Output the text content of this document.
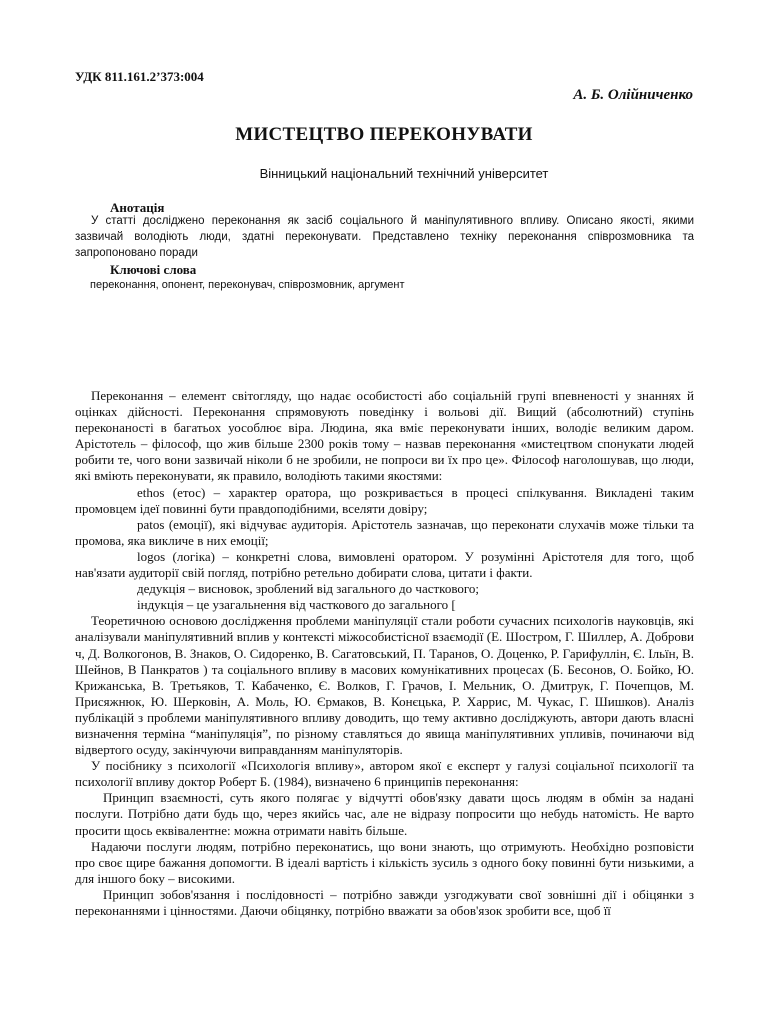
УДК 811.161.2’373:004
А. Б. Олійниченко
МИСТЕЦТВО ПЕРЕКОНУВАТИ
Вінницький національний технічний університет
Анотація

У статті досліджено переконання як засіб соціального й маніпулятивного впливу. Описано якості, якими зазвичай володіють люди, здатні переконувати. Представлено техніку переконання співрозмовника та запропоновано поради

Ключові слова
переконання, опонент, переконувач, співрозмовник, аргумент

Переконання – елемент світогляду, що надає особистості або соціальній групі впевненості у знаннях й оцінках дійсності. Переконання спрямовують поведінку і вольові дії. Вищий (абсолютний) ступінь переконаності в багатьох уособлює віра. Людина, яка вміє переконувати інших, володіє великим даром. Арістотель – філософ, що жив більше 2300 років тому – назвав переконання «мистецтвом спонукати людей робити те, чого вони зазвичай ніколи б не зробили, не попроси ви їх про це». Філософ наголошував, що люди, які вміють переконувати, як правило, володіють такими якостями:

ethos (етос) – характер оратора, що розкривається в процесі спілкування. Викладені таким промовцем ідеї повинні бути правдоподібними, вселяти довіру;

patos (емоції), які відчуває аудиторія. Арістотель зазначав, що переконати слухачів може тільки та промова, яка викличе в них емоції;

logos (логіка) – конкретні слова, вимовлені оратором. У розумінні Арістотеля для того, щоб нав'язати аудиторії свій погляд, потрібно ретельно добирати слова, цитати і факти.

дедукція – висновок, зроблений від загального до часткового;

індукція – це узагальнення від часткового до загального [

Теоретичною основою дослідження проблеми маніпуляції стали роботи сучасних психологів науковців, які аналізували маніпулятивний вплив у контексті міжособистісної взаємодії (Е. Шостром, Г. Шиллер, А. Доброви ч, Д. Волкогонов, В. Знаков, О. Сидоренко, В. Сагатовський, П. Таранов, О. Доценко, Р. Гарифуллін, Є. Ільїн, В. Шейнов, В Панкратов ) та соціального впливу в масових комунікативних процесах (Б. Бесонов, О. Бойко, Ю. Крижанська, В. Третьяков, Т. Кабаченко, Є. Волков, Г. Грачов, І. Мельник, О. Дмитрук, Г. Почепцов, М. Присяжнюк, Ю. Шерковін, А. Моль, Ю. Єрмаков, В. Конєцька, Р. Харрис, М. Чукас, Г. Шишков). Аналіз публікацій з проблеми маніпулятивного впливу доводить, що тему активно досліджують, автори дають власні визначення терміна “маніпуляція”, по різному ставляться до явища маніпулятивних упливів, починаючи від відвертого осуду, закінчуючи виправданням маніпуляторів.

У посібнику з психології «Психологія впливу», автором якої є експерт у галузі соціальної психології та психології впливу доктор Роберт Б. (1984), визначено 6 принципів переконання:

Принцип взаємності, суть якого полягає у відчутті обов'язку давати щось людям в обмін за надані послуги. Потрібно дати будь що, через якийсь час, але не відразу попросити що небудь натомість. Не варто просити щось еквівалентне: можна отримати навіть більше.

Надаючи послуги людям, потрібно переконатись, що вони знають, що отримують. Необхідно розповісти про своє щире бажання допомогти. В ідеалі вартість і кількість зусиль з одного боку повинні бути низькими, а для іншого боку – високими.

Принцип зобов'язання і послідовності – потрібно завжди узгоджувати свої зовнішні дії і обіцянки з переконаннями і цінностями. Даючи обіцянку, потрібно вважати за обов'язок зробити все, щоб її
